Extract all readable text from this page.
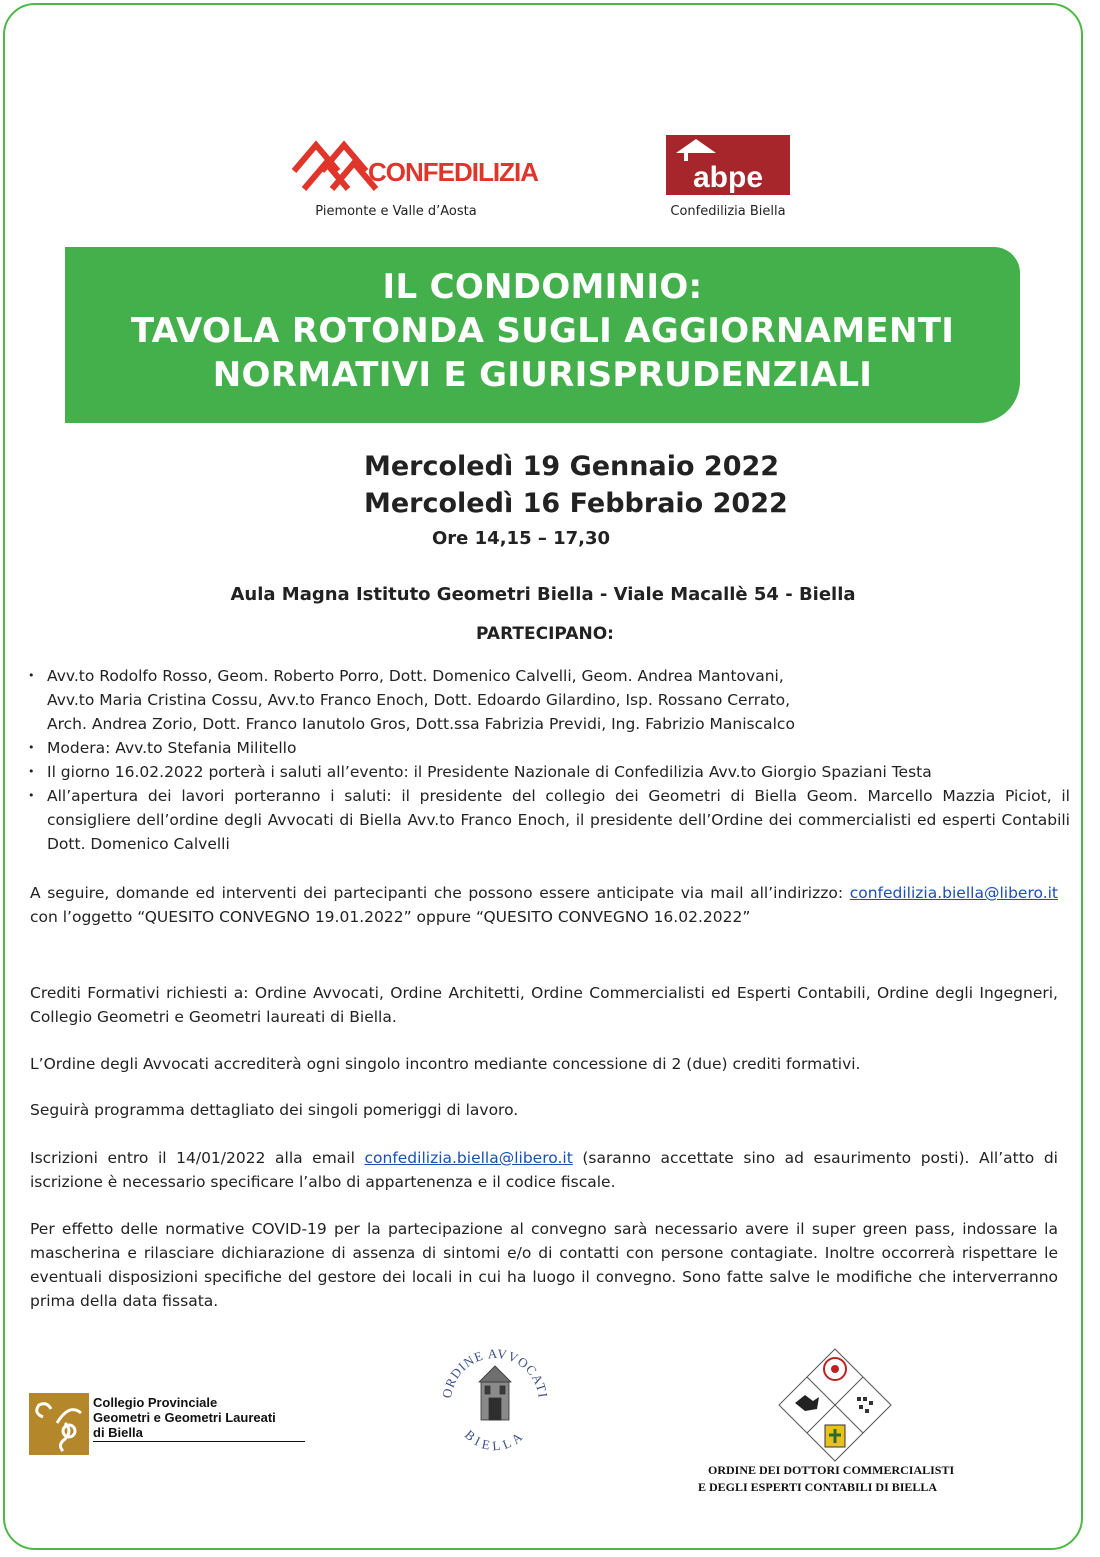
CONFEDILIZIA
Piemonte e Valle d’Aosta
abpe
Confedilizia Biella
IL CONDOMINIO:
TAVOLA ROTONDA SUGLI AGGIORNAMENTI
NORMATIVI E GIURISPRUDENZIALI
Mercoledì 19 Gennaio 2022
Mercoledì 16 Febbraio 2022
Ore 14,15 – 17,30
Aula Magna Istituto Geometri Biella - Viale Macallè 54 - Biella
PARTECIPANO:
• Avv.to Rodolfo Rosso, Geom. Roberto Porro, Dott. Domenico Calvelli, Geom. Andrea Mantovani,
Avv.to Maria Cristina Cossu, Avv.to Franco Enoch, Dott. Edoardo Gilardino, Isp. Rossano Cerrato,
Arch. Andrea Zorio, Dott. Franco Ianutolo Gros, Dott.ssa Fabrizia Previdi, Ing. Fabrizio Maniscalco
• Modera: Avv.to Stefania Militello
• Il giorno 16.02.2022 porterà i saluti all’evento: il Presidente Nazionale di Confedilizia Avv.to Giorgio Spaziani Testa
• All’apertura dei lavori porteranno i saluti: il presidente del collegio dei Geometri di Biella Geom. Marcello Mazzia Piciot, il consigliere dell’ordine degli Avvocati di Biella Avv.to Franco Enoch, il presidente dell’Ordine dei commercialisti ed esperti Contabili Dott. Domenico Calvelli
A seguire, domande ed interventi dei partecipanti che possono essere anticipate via mail all’indirizzo: confedilizia.biella@libero.it con l’oggetto “QUESITO CONVEGNO 19.01.2022” oppure “QUESITO CONVEGNO 16.02.2022”
Crediti Formativi richiesti a: Ordine Avvocati, Ordine Architetti, Ordine Commercialisti ed Esperti Contabili, Ordine degli Ingegneri, Collegio Geometri e Geometri laureati di Biella.
L’Ordine degli Avvocati accrediterà ogni singolo incontro mediante concessione di 2 (due) crediti formativi.
Seguirà programma dettagliato dei singoli pomeriggi di lavoro.
Iscrizioni entro il 14/01/2022 alla email confedilizia.biella@libero.it (saranno accettate sino ad esaurimento posti). All’atto di iscrizione è necessario specificare l’albo di appartenenza e il codice fiscale.
Per effetto delle normative COVID-19 per la partecipazione al convegno sarà necessario avere il super green pass, indossare la mascherina e rilasciare dichiarazione di assenza di sintomi e/o di contatti con persone contagiate. Inoltre occorrerà rispettare le eventuali disposizioni specifiche del gestore dei locali in cui ha luogo il convegno. Sono fatte salve le modifiche che interverranno prima della data fissata.
Collegio Provinciale
Geometri e Geometri Laureati
di Biella
ORDINE AVVOCATI
BIELLA
ORDINE DEI DOTTORI COMMERCIALISTI
E DEGLI ESPERTI CONTABILI DI BIELLA
